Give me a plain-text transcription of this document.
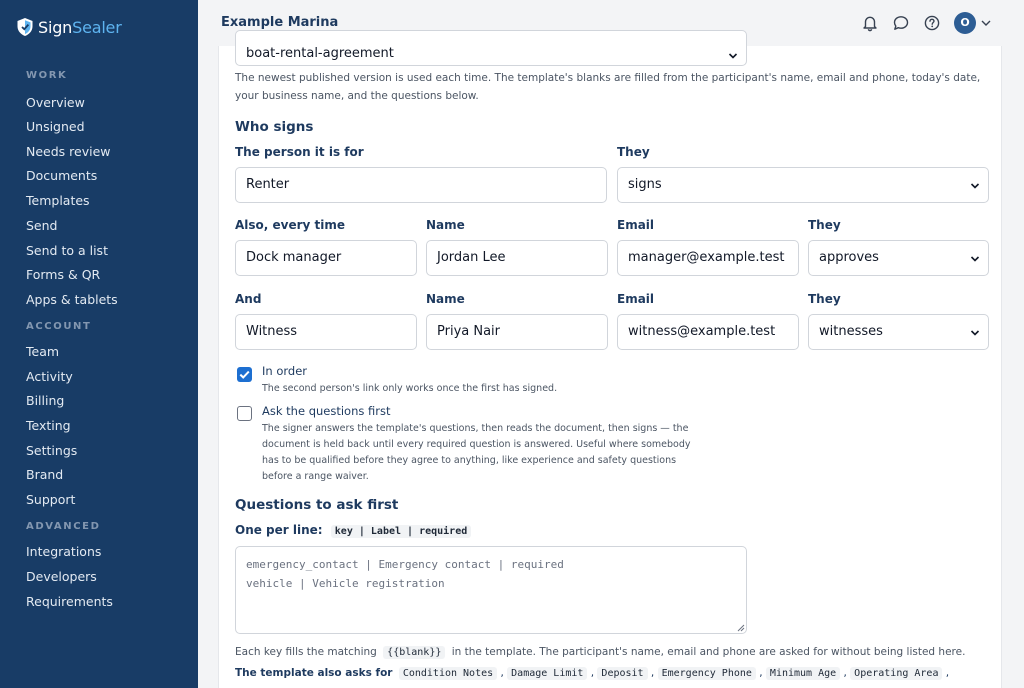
SignSealer
WORK
Overview
Unsigned
Needs review
Documents
Templates
Send
Send to a list
Forms & QR
Apps & tablets
ACCOUNT
Team
Activity
Billing
Texting
Settings
Brand
Support
ADVANCED
Integrations
Developers
Requirements
Example Marina	O
boat-rental-agreement
The newest published version is used each time. The template's blanks are filled from the participant's name, email and phone, today's date,
your business name, and the questions below.
Who signs
The person it is for	They
Renter	signs
Also, every time	Name	Email	They
Dock manager	Jordan Lee	manager@example.test	approves
And	Name	Email	They
Witness	Priya Nair	witness@example.test	witnesses
In order
The second person's link only works once the first has signed.
Ask the questions first
The signer answers the template's questions, then reads the document, then signs — the
document is held back until every required question is answered. Useful where somebody
has to be qualified before they agree to anything, like experience and safety questions
before a range waiver.
Questions to ask first
One per line: key | Label | required
emergency_contact | Emergency contact | required
vehicle | Vehicle registration
Each key fills the matching {{blank}} in the template. The participant's name, email and phone are asked for without being listed here.
The template also asks for Condition Notes , Damage Limit , Deposit , Emergency Phone , Minimum Age , Operating Area ,
